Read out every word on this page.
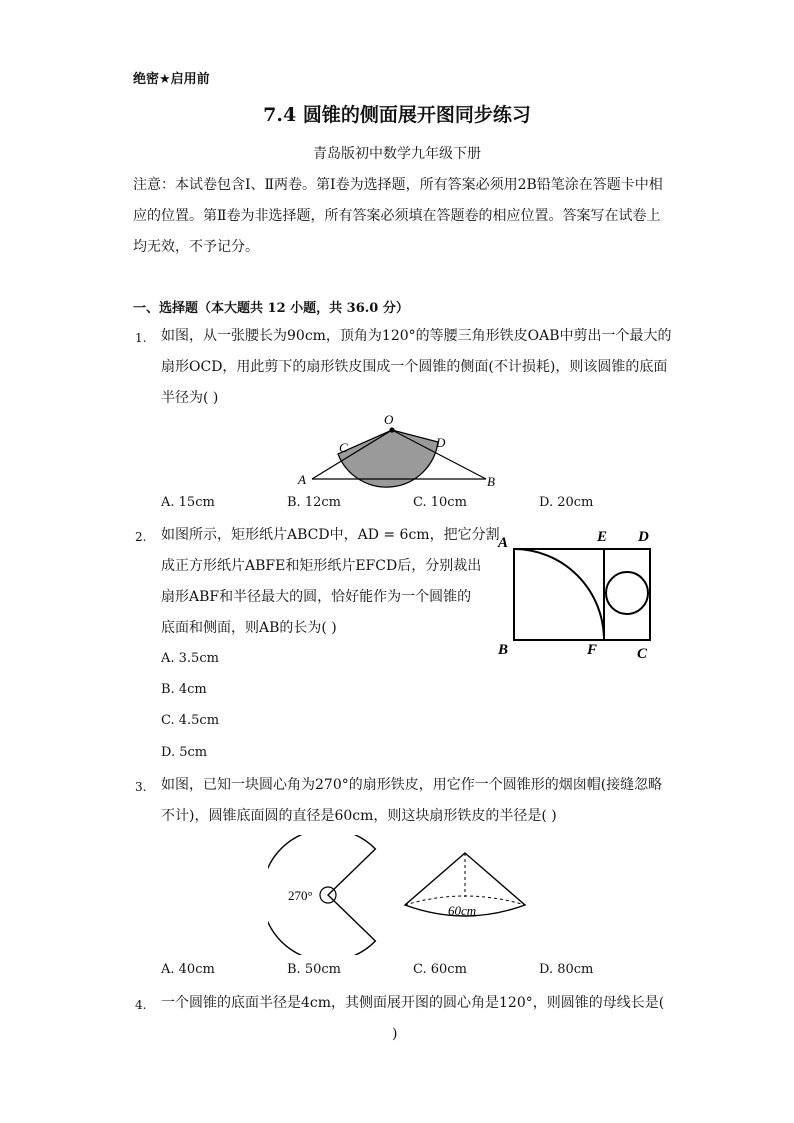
绝密★启用前
7.4 圆锥的侧面展开图同步练习
青岛版初中数学九年级下册
注意：本试卷包含Ⅰ、Ⅱ两卷。第Ⅰ卷为选择题，所有答案必须用2B铅笔涂在答题卡中相应的位置。第Ⅱ卷为非选择题，所有答案必须填在答题卷的相应位置。答案写在试卷上均无效，不予记分。
一、选择题（本大题共 12 小题，共 36.0 分）
1. 如图，从一张腰长为90cm，顶角为120°的等腰三角形铁皮OAB中剪出一个最大的
扇形OCD，用此剪下的扇形铁皮围成一个圆锥的侧面(不计损耗)，则该圆锥的底面
半径为( )
O
A	B
C	D
A. 15cm	B. 12cm	C. 10cm	D. 20cm
2. 如图所示，矩形纸片ABCD中，AD = 6cm，把它分割
成正方形纸片ABFE和矩形纸片EFCD后，分别裁出
扇形ABF和半径最大的圆，恰好能作为一个圆锥的
底面和侧面，则AB的长为( )
A	E D
B	F	C
A. 3.5cm
B. 4cm
C. 4.5cm
D. 5cm
3. 如图，已知一块圆心角为270°的扇形铁皮，用它作一个圆锥形的烟囱帽(接缝忽略
不计)，圆锥底面圆的直径是60cm，则这块扇形铁皮的半径是( )
270°
60cm
A. 40cm	B. 50cm	C. 60cm	D. 80cm
4. 一个圆锥的底面半径是4cm，其侧面展开图的圆心角是120°，则圆锥的母线长是(
)
